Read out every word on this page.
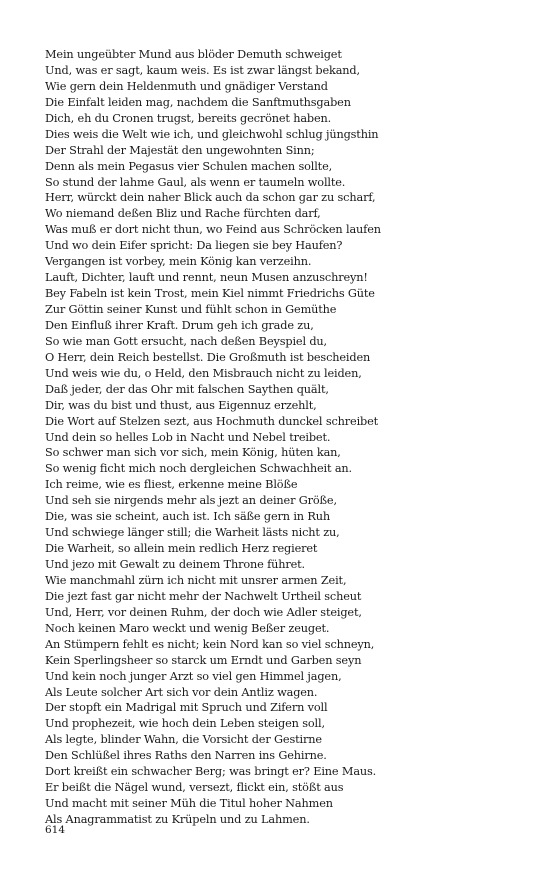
Mein ungeübter Mund aus blöder Demuth schweiget
Und, was er sagt, kaum weis. Es ist zwar längst bekand,
Wie gern dein Heldenmuth und gnädiger Verstand
Die Einfalt leiden mag, nachdem die Sanftmuthsgaben
Dich, eh du Cronen trugst, bereits gecrönet haben.
Dies weis die Welt wie ich, und gleichwohl schlug jüngsthin
Der Strahl der Majestät den ungewohnten Sinn;
Denn als mein Pegasus vier Schulen machen sollte,
So stund der lahme Gaul, als wenn er taumeln wollte.
Herr, würckt dein naher Blick auch da schon gar zu scharf,
Wo niemand deßen Bliz und Rache fürchten darf,
Was muß er dort nicht thun, wo Feind aus Schröcken laufen
Und wo dein Eifer spricht: Da liegen sie bey Haufen?
Vergangen ist vorbey, mein König kan verzeihn.
Lauft, Dichter, lauft und rennt, neun Musen anzuschreyn!
Bey Fabeln ist kein Trost, mein Kiel nimmt Friedrichs Güte
Zur Göttin seiner Kunst und fühlt schon in Gemüthe
Den Einfluß ihrer Kraft. Drum geh ich grade zu,
So wie man Gott ersucht, nach deßen Beyspiel du,
O Herr, dein Reich bestellst. Die Großmuth ist bescheiden
Und weis wie du, o Held, den Misbrauch nicht zu leiden,
Daß jeder, der das Ohr mit falschen Saythen quält,
Dir, was du bist und thust, aus Eigennuz erzehlt,
Die Wort auf Stelzen sezt, aus Hochmuth dunckel schreibet
Und dein so helles Lob in Nacht und Nebel treibet.
So schwer man sich vor sich, mein König, hüten kan,
So wenig ficht mich noch dergleichen Schwachheit an.
Ich reime, wie es fliest, erkenne meine Blöße
Und seh sie nirgends mehr als jezt an deiner Größe,
Die, was sie scheint, auch ist. Ich säße gern in Ruh
Und schwiege länger still; die Warheit lästs nicht zu,
Die Warheit, so allein mein redlich Herz regieret
Und jezo mit Gewalt zu deinem Throne führet.
Wie manchmahl zürn ich nicht mit unsrer armen Zeit,
Die jezt fast gar nicht mehr der Nachwelt Urtheil scheut
Und, Herr, vor deinen Ruhm, der doch wie Adler steiget,
Noch keinen Maro weckt und wenig Beßer zeuget.
An Stümpern fehlt es nicht; kein Nord kan so viel schneyn,
Kein Sperlingsheer so starck um Erndt und Garben seyn
Und kein noch junger Arzt so viel gen Himmel jagen,
Als Leute solcher Art sich vor dein Antliz wagen.
Der stopft ein Madrigal mit Spruch und Zifern voll
Und prophezeit, wie hoch dein Leben steigen soll,
Als legte, blinder Wahn, die Vorsicht der Gestirne
Den Schlüßel ihres Raths den Narren ins Gehirne.
Dort kreißt ein schwacher Berg; was bringt er? Eine Maus.
Er beißt die Nägel wund, versezt, flickt ein, stößt aus
Und macht mit seiner Müh die Titul hoher Nahmen
Als Anagrammatist zu Krüpeln und zu Lahmen.
614
